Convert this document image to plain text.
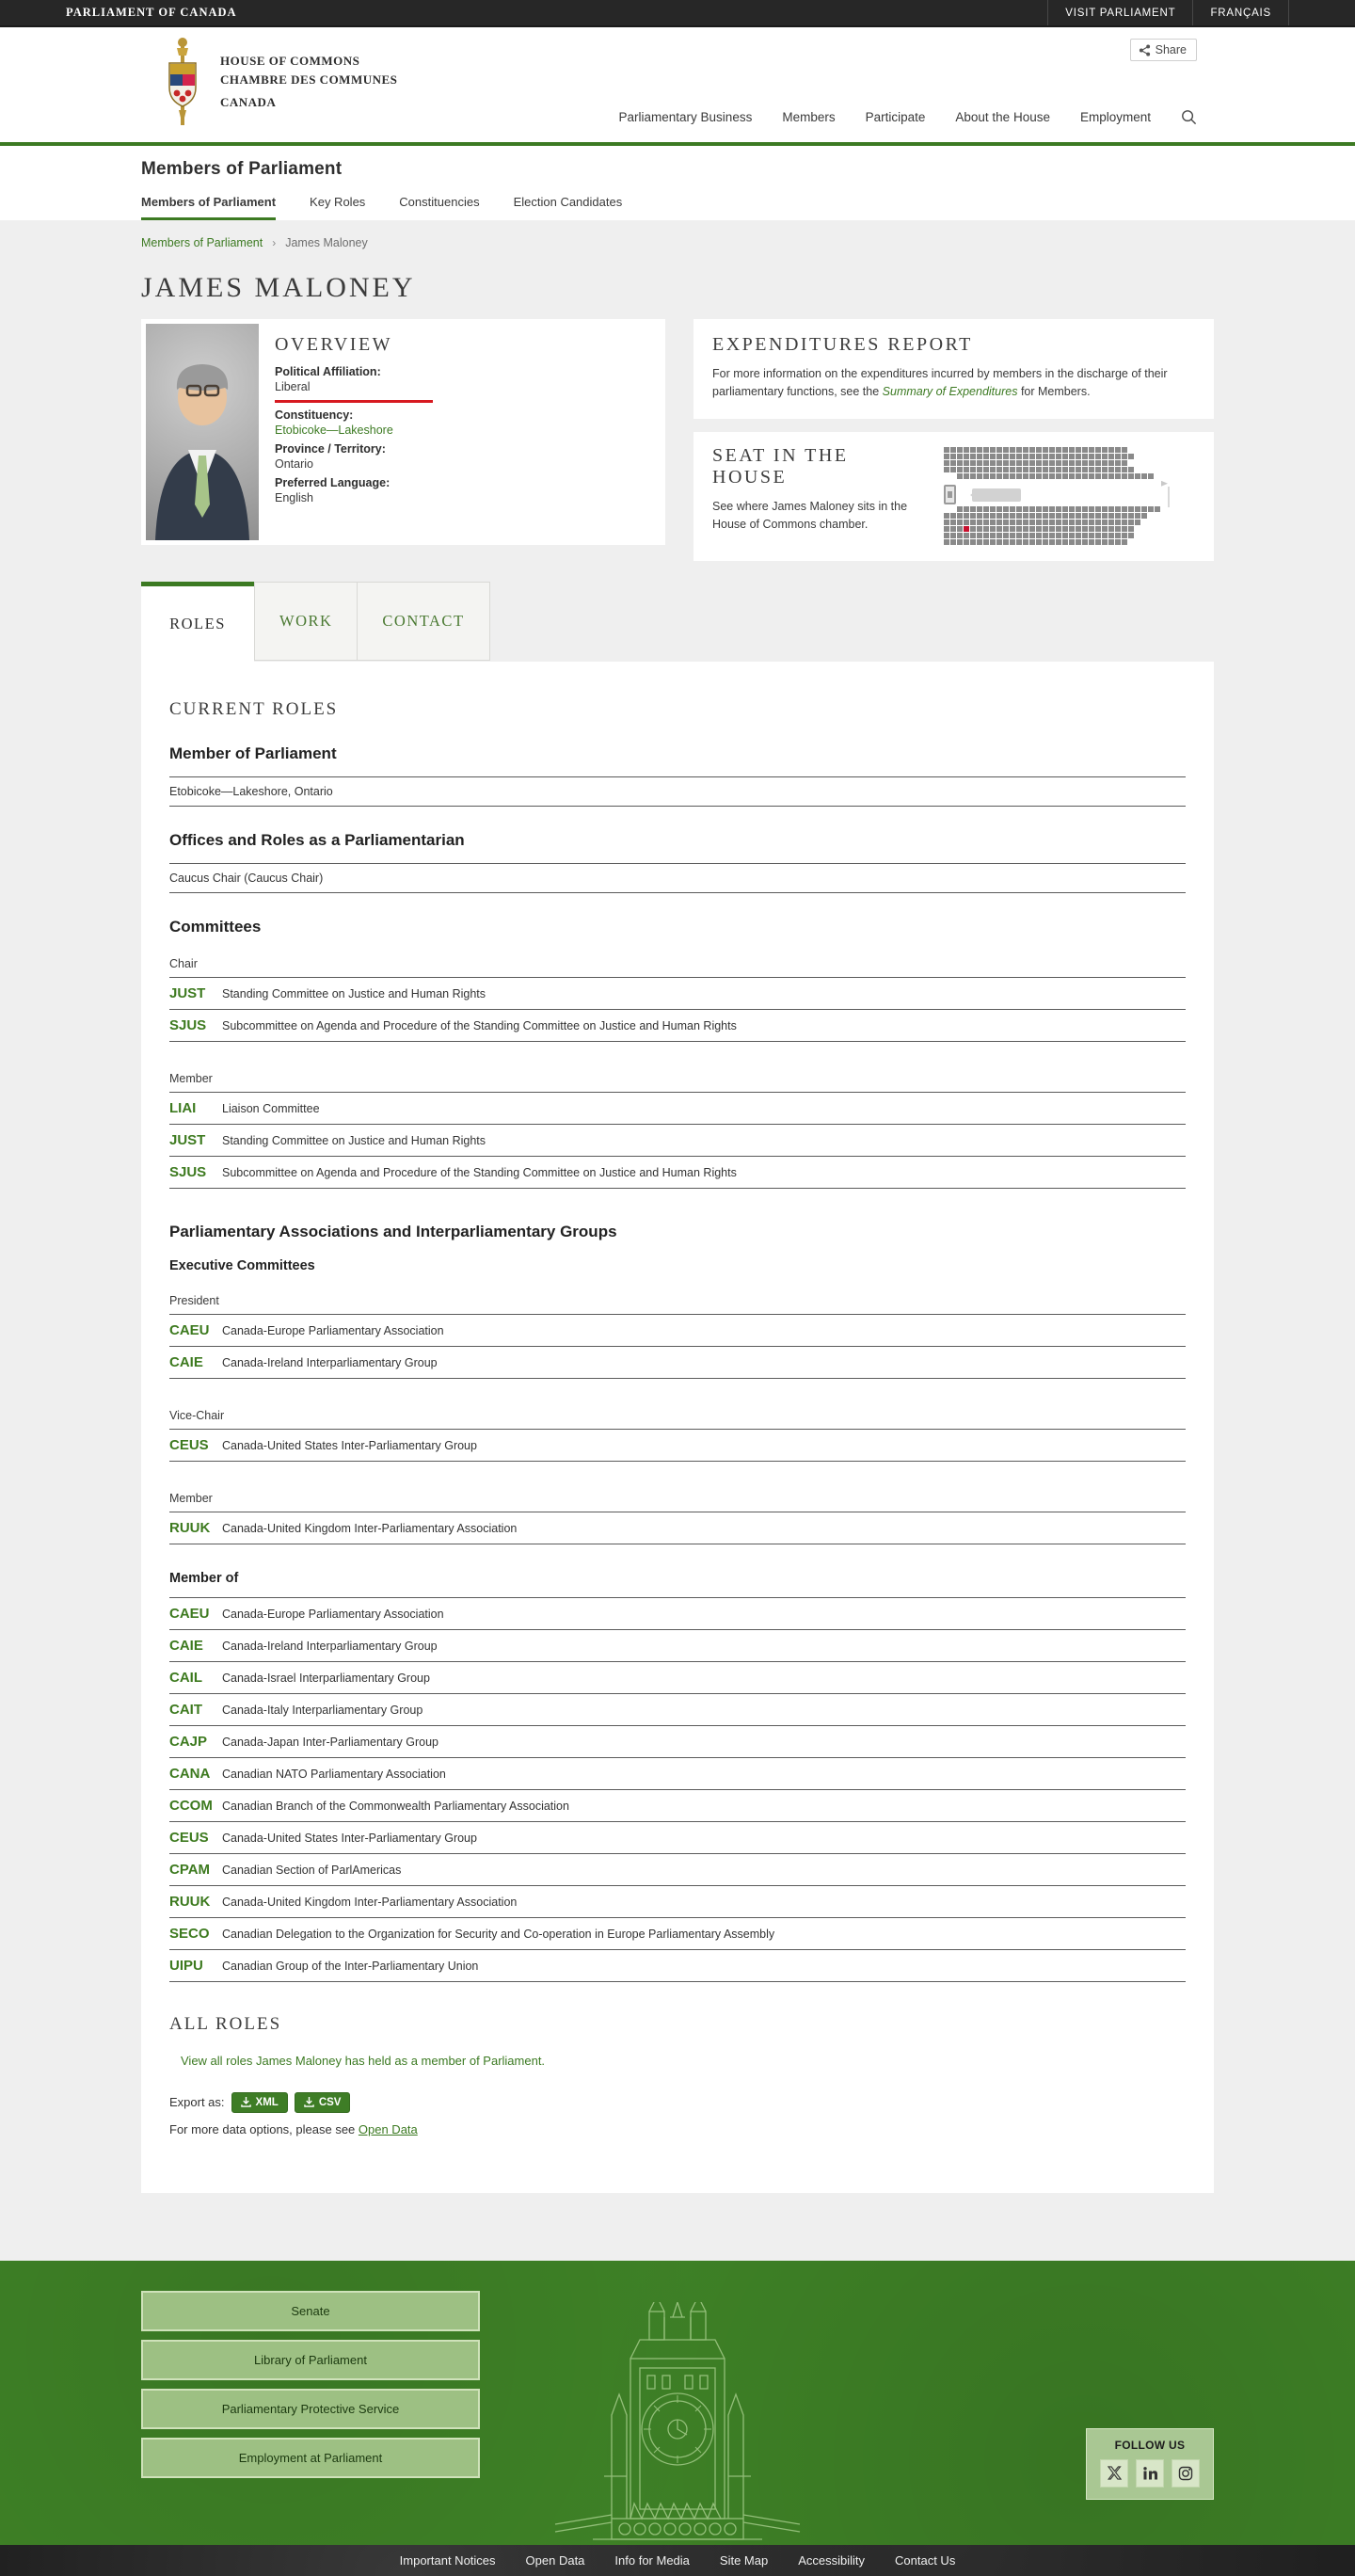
PARLIAMENT OF CANADA	VISIT PARLIAMENT	FRANÇAIS
HOUSE OF COMMONS
CHAMBRE DES COMMUNES

CANADA
Share
Parliamentary Business Members Participate About the House Employment
Members of Parliament
Members of Parliament	Key Roles	Constituencies	Election Candidates
Members of Parliament › James Maloney
JAMES MALONEY
OVERVIEW
Political Affiliation:
Liberal
Constituency:
Etobicoke—Lakeshore
Province / Territory:
Ontario
Preferred Language:
English
EXPENDITURES REPORT
For more information on the expenditures incurred by members in the discharge of their parliamentary functions, see the Summary of Expenditures for Members.
SEAT IN THE HOUSE
See where James Maloney sits in the House of Commons chamber.
ROLES	WORK	CONTACT
CURRENT ROLES
Member of Parliament
Etobicoke—Lakeshore, Ontario
Offices and Roles as a Parliamentarian
Caucus Chair (Caucus Chair)
Committees
Chair
JUST	Standing Committee on Justice and Human Rights
SJUS	Subcommittee on Agenda and Procedure of the Standing Committee on Justice and Human Rights
Member
LIAI	Liaison Committee
JUST	Standing Committee on Justice and Human Rights
SJUS	Subcommittee on Agenda and Procedure of the Standing Committee on Justice and Human Rights
Parliamentary Associations and Interparliamentary Groups
Executive Committees
President
CAEU	Canada-Europe Parliamentary Association
CAIE	Canada-Ireland Interparliamentary Group
Vice-Chair
CEUS	Canada-United States Inter-Parliamentary Group
Member
RUUK	Canada-United Kingdom Inter-Parliamentary Association
Member of
CAEU	Canada-Europe Parliamentary Association
CAIE	Canada-Ireland Interparliamentary Group
CAIL	Canada-Israel Interparliamentary Group
CAIT	Canada-Italy Interparliamentary Group
CAJP	Canada-Japan Inter-Parliamentary Group
CANA	Canadian NATO Parliamentary Association
CCOM Canadian Branch of the Commonwealth Parliamentary Association
CEUS	Canada-United States Inter-Parliamentary Group
CPAM	Canadian Section of ParlAmericas
RUUK	Canada-United Kingdom Inter-Parliamentary Association
SECO	Canadian Delegation to the Organization for Security and Co-operation in Europe Parliamentary Assembly
UIPU	Canadian Group of the Inter-Parliamentary Union
ALL ROLES
View all roles James Maloney has held as a member of Parliament.
Export as:	XML	CSV
For more data options, please see Open Data
Senate
Library of Parliament
Parliamentary Protective Service
Employment at Parliament
FOLLOW US
Important Notices Open Data Info for Media Site Map Accessibility Contact Us
